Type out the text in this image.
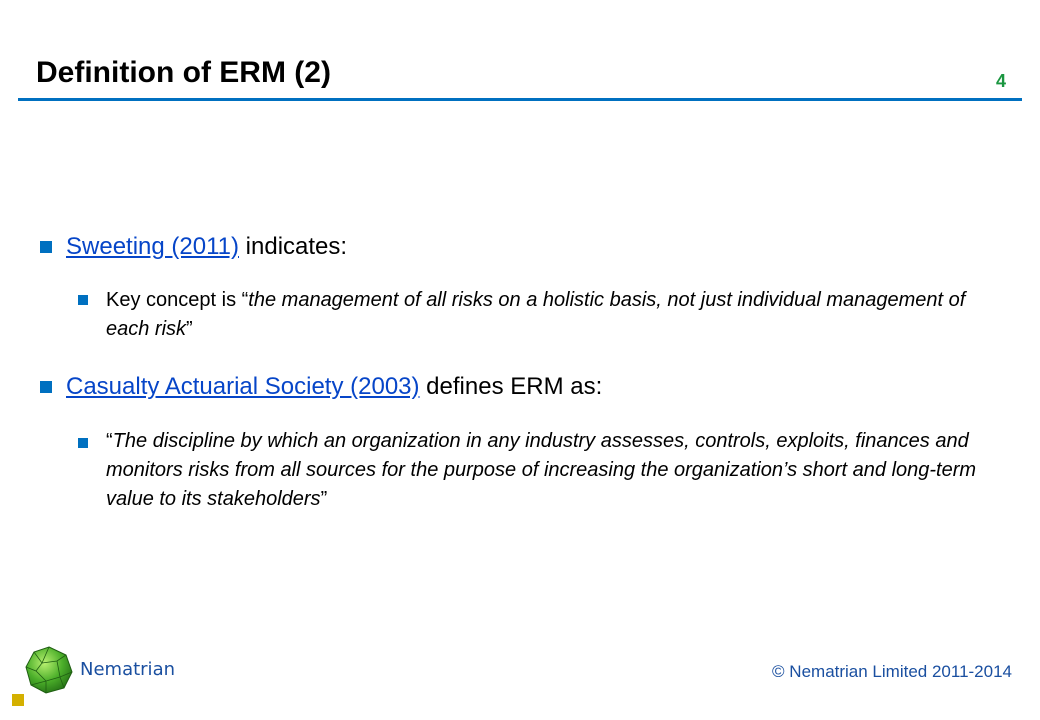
Definition of ERM (2)	4
Sweeting (2011) indicates:
Key concept is “the management of all risks on a holistic basis, not just individual management of each risk”
Casualty Actuarial Society (2003) defines ERM as:
“The discipline by which an organization in any industry assesses, controls, exploits, finances and monitors risks from all sources for the purpose of increasing the organization’s short and long-term value to its stakeholders”
Nematrian	© Nematrian Limited 2011-2014
